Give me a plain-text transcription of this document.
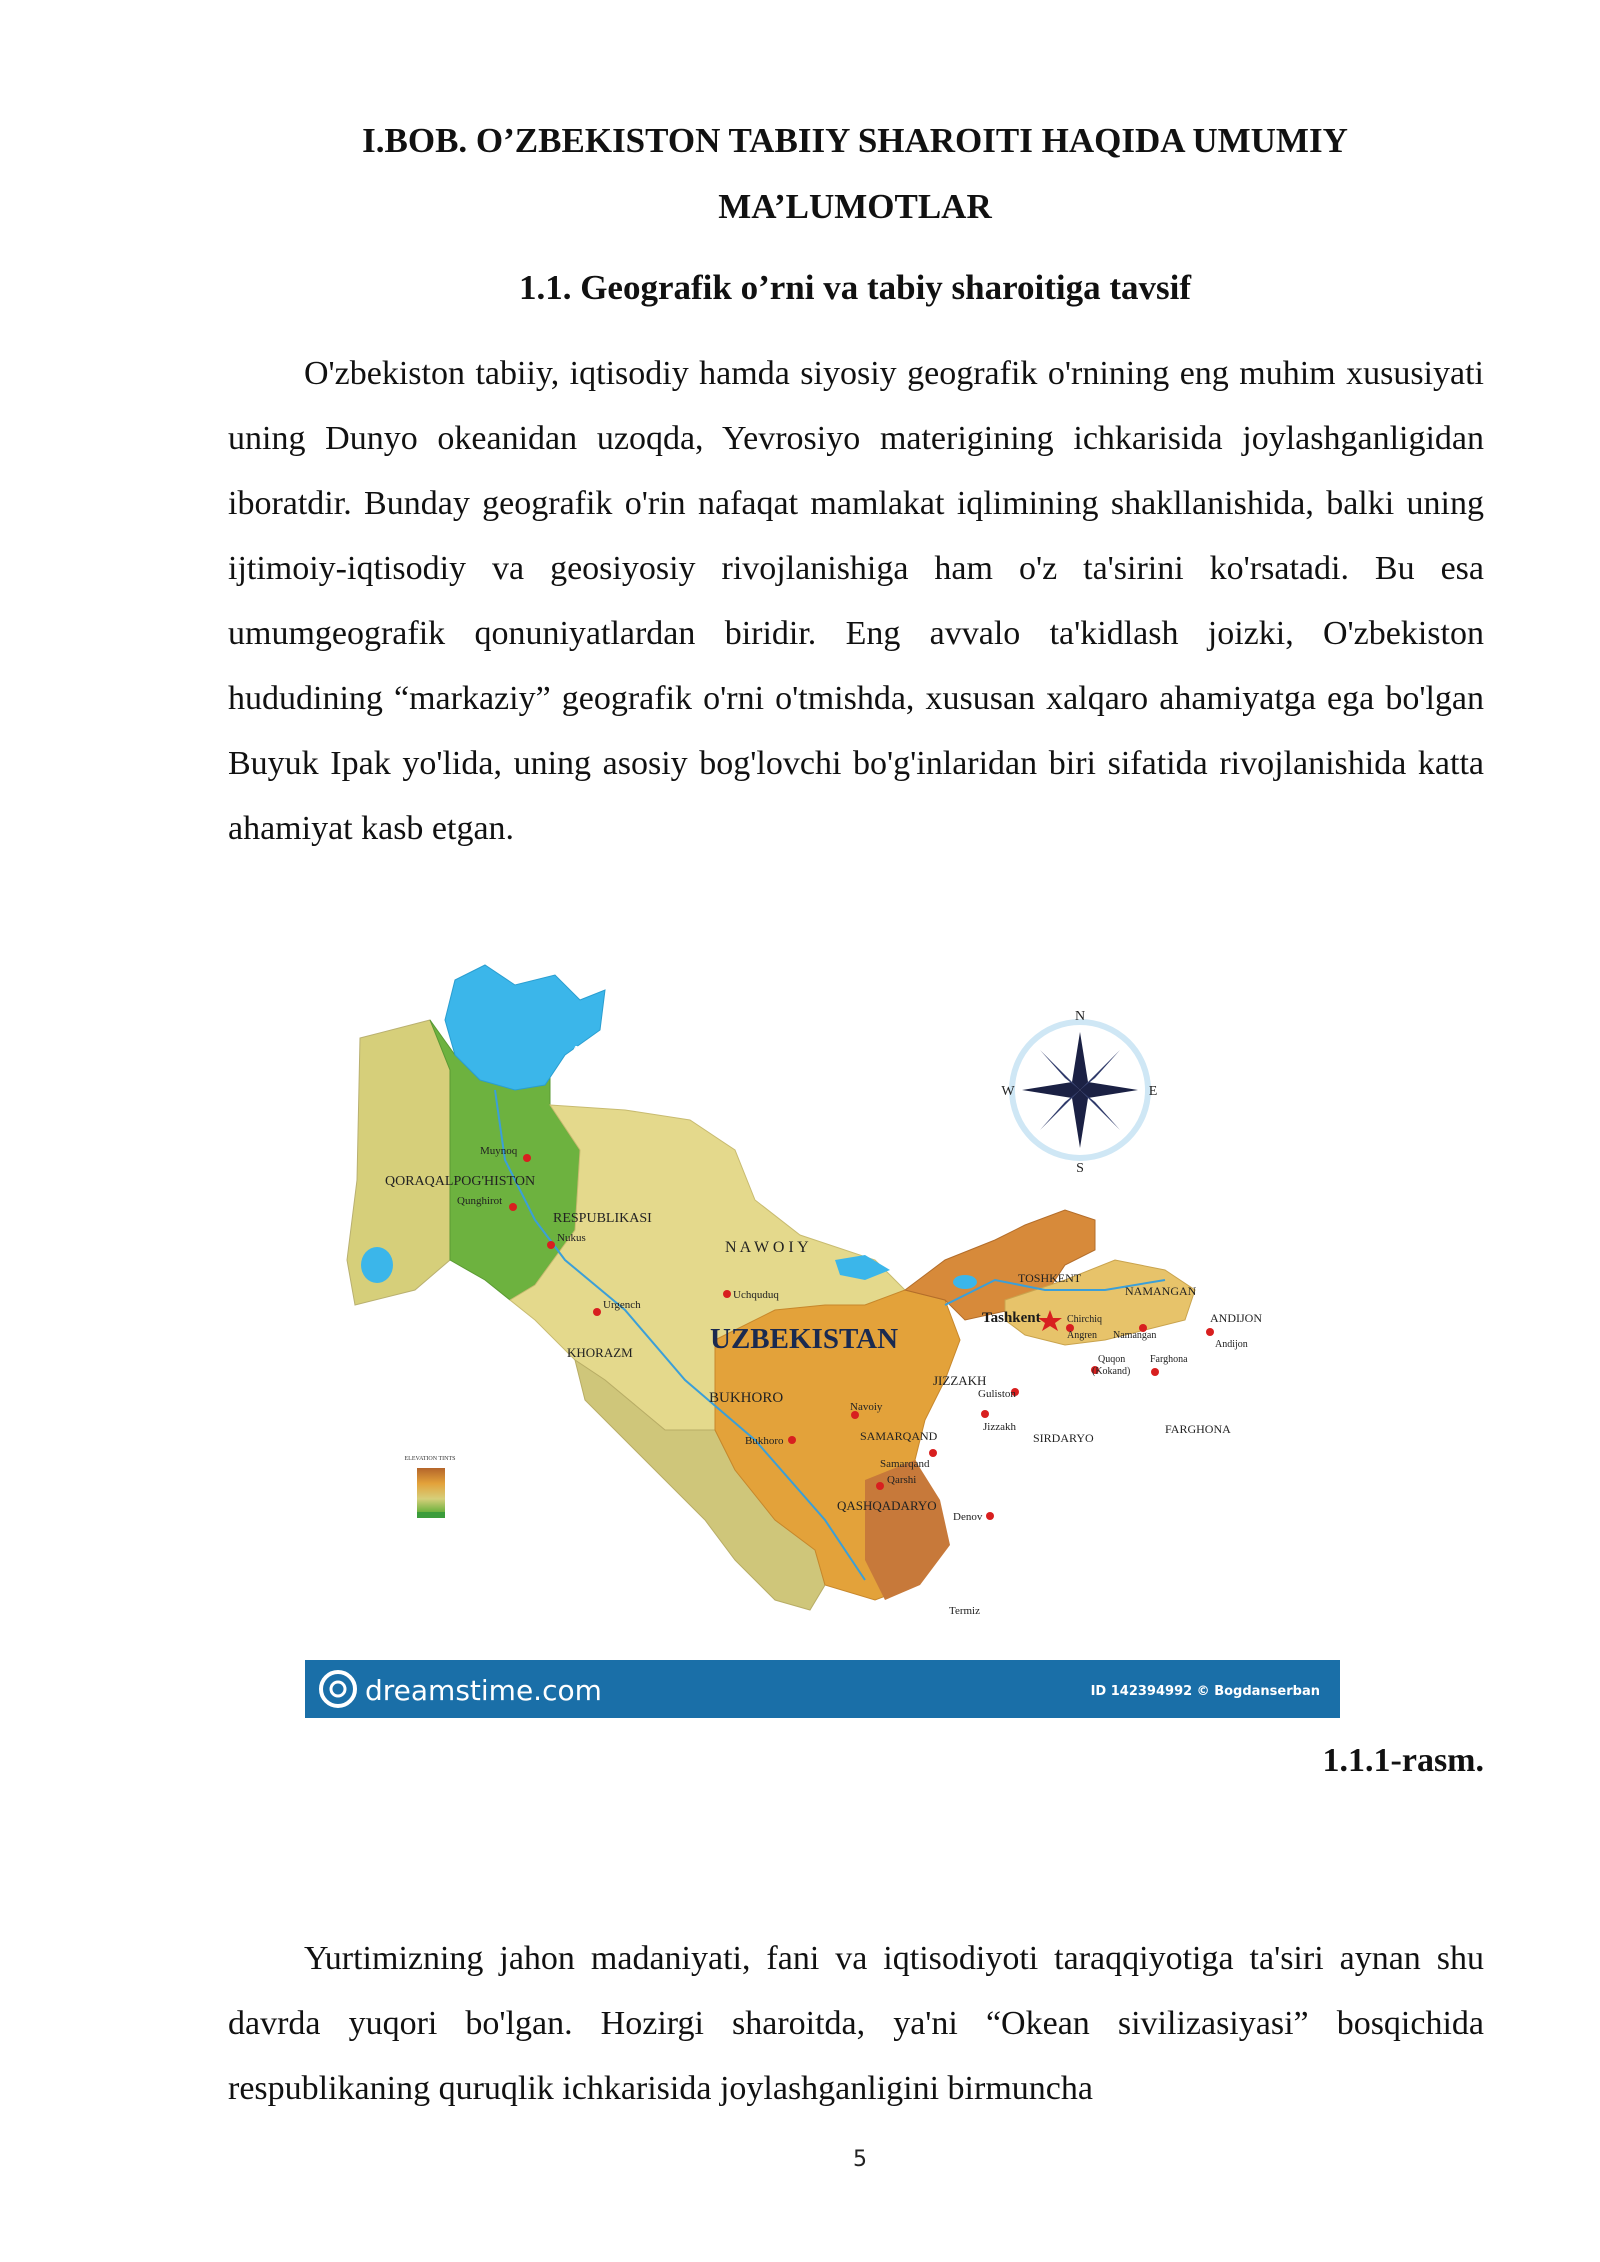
I.BOB. O’ZBEKISTON TABIIY SHAROITI HAQIDA UMUMIY
MA’LUMOTLAR
1.1. Geografik o’rni va tabiy sharoitiga tavsif

O'zbekiston tabiiy, iqtisodiy hamda siyosiy geografik o'rnining eng muhim xususiyati uning Dunyo okeanidan uzoqda, Yevrosiyo materigining ichkarisida joylashganligidan iboratdir. Bunday geografik o'rin nafaqat mamlakat iqlimining shakllanishida, balki uning ijtimoiy-iqtisodiy va geosiyosiy rivojlanishiga ham o'z ta'sirini ko'rsatadi. Bu esa umumgeografik qonuniyatlardan biridir. Eng avvalo ta'kidlash joizki, O'zbekiston hududining “markaziy” geografik o'rni o'tmishda, xususan xalqaro ahamiyatga ega bo'lgan Buyuk Ipak yo'lida, uning asosiy bog'lovchi bo'g'inlaridan biri sifatida rivojlanishida katta ahamiyat kasb etgan.

Aral
Sea
QORAQALPOG'HISTON
RESPUBLIKASI
N A W O I Y
KHORAZM	UZBEKISTAN
BUKHORO
SAMARQAND
QASHQADARYO
JIZZAKH
SIRDARYO
TOSHKENT
NAMANGAN
ANDIJON
FARGHONA
Muynoq
Qunghirot
Nukus
Urgench
Uchquduq
Navoiy
Bukhoro
Samarqand
Qarshi
Denov
Termiz
Jizzakh
Guliston
Tashkent	Chirchiq
Angren Namangan
Andijon
Farghona
Quqon
(Kokand)
N
S
E
W
ELEVATION TINTS
dreamstime.com	ID 142394992 © Bogdanserban
1.1.1-rasm.

Yurtimizning jahon madaniyati, fani va iqtisodiyoti taraqqiyotiga ta'siri aynan shu davrda yuqori bo'lgan. Hozirgi sharoitda, ya'ni “Okean sivilizasiyasi” bosqichida respublikaning quruqlik ichkarisida joylashganligini birmuncha

5
